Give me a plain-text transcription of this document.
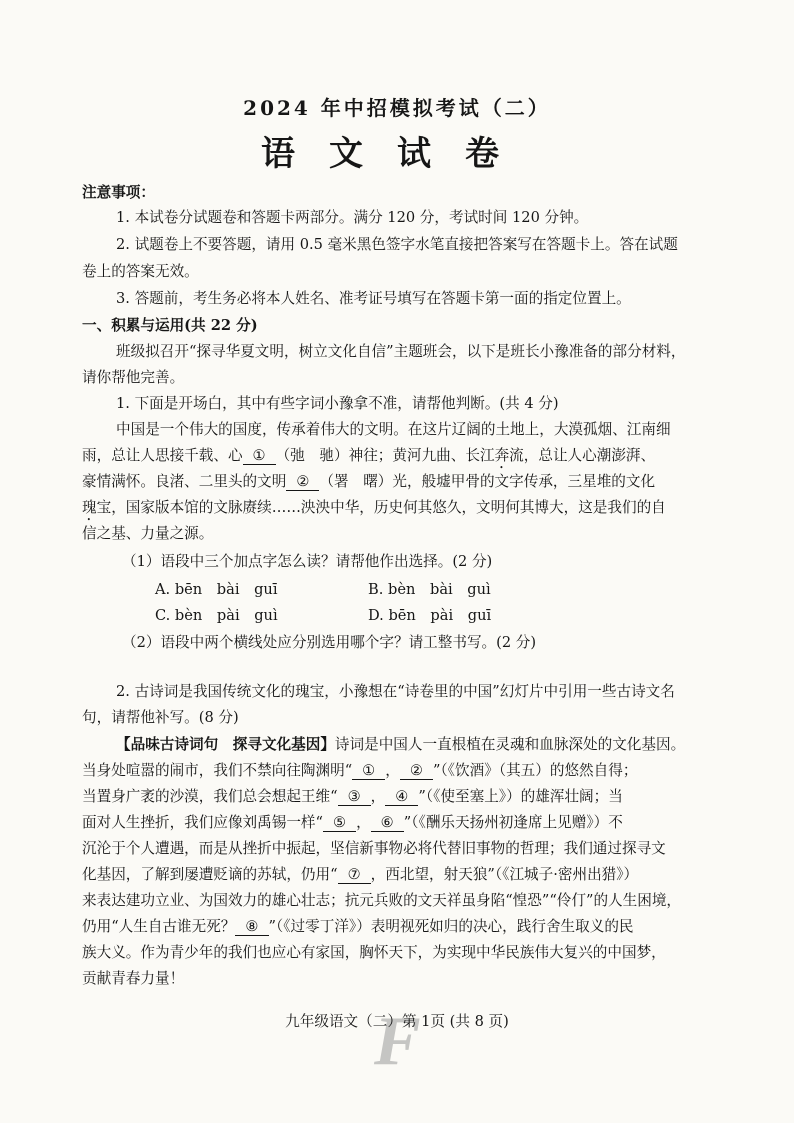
2024 年中招模拟考试（二）
语文试卷
注意事项：
1. 本试卷分试题卷和答题卡两部分。满分 120 分，考试时间 120 分钟。
2. 试题卷上不要答题，请用 0.5 毫米黑色签字水笔直接把答案写在答题卡上。答在试题
卷上的答案无效。
3. 答题前，考生务必将本人姓名、准考证号填写在答题卡第一面的指定位置上。
一、积累与运用(共 22 分)
班级拟召开“探寻华夏文明，树立文化自信”主题班会，以下是班长小豫准备的部分材料，
请你帮他完善。
1. 下面是开场白，其中有些字词小豫拿不准，请帮他判断。(共 4 分)
中国是一个伟大的国度，传承着伟大的文明。在这片辽阔的土地上，大漠孤烟、江南细
雨，总让人思接千载、心 ① （弛　驰）神往；黄河九曲、长江奔流，总让人心潮澎湃、
豪情满怀。良渚、二里头的文明 ② （署　曙）光，般墟甲骨的文字传承，三星堆的文化
瑰宝，国家版本馆的文脉赓续……泱泱中华，历史何其悠久，文明何其博大，这是我们的自
信之基、力量之源。
（1）语段中三个加点字怎么读？请帮他作出选择。(2 分)
A. bēn　bài　guī	B. bèn　bài　guì
C. bèn　pài　guì	D. bēn　pài　guī
（2）语段中两个横线处应分别选用哪个字？请工整书写。(2 分)
2. 古诗词是我国传统文化的瑰宝，小豫想在“诗卷里的中国”幻灯片中引用一些古诗文名
句，请帮他补写。(8 分)
【品味古诗词句　探寻文化基因】诗词是中国人一直根植在灵魂和血脉深处的文化基因。
当身处喧嚣的闹市，我们不禁向往陶渊明“ ① ， ② ”（《饮酒》（其五）的悠然自得；
当置身广袤的沙漠，我们总会想起王维“ ③ ， ④ ”（《使至塞上》）的雄浑壮阔；当
面对人生挫折，我们应像刘禹锡一样“ ⑤ ， ⑥ ”（《酬乐天扬州初逢席上见赠》）不
沉沦于个人遭遇，而是从挫折中振起，坚信新事物必将代替旧事物的哲理；我们通过探寻文
化基因，了解到屡遭贬谪的苏轼，仍用“ ⑦ ，西北望，射天狼”（《江城子·密州出猎》）
来表达建功立业、为国效力的雄心壮志；抗元兵败的文天祥虽身陷“惶恐”“伶仃”的人生困境，
仍用“人生自古谁无死？ ⑧ ”（《过零丁洋》）表明视死如归的决心，践行舍生取义的民
族大义。作为青少年的我们也应心有家国，胸怀天下，为实现中华民族伟大复兴的中国梦，
贡献青春力量！
F
九年级语文（二）第 1页 (共 8 页)
